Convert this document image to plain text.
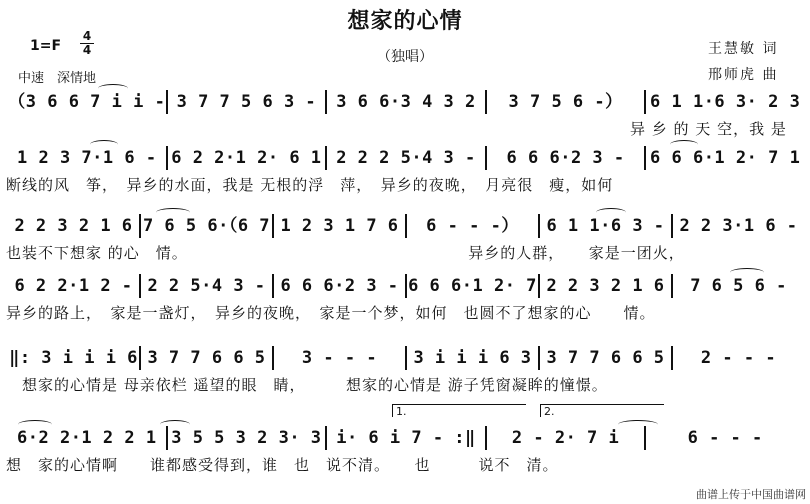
想家的心情
（独唱）
1=F
4
4
中速　深情地
王慧敏 词
邢师虎 曲
（3 6 6 7 i i - 3 7 7 5 6 3 -	3 6 6·3 4 3 2	3 7 5 6 -）	6 1 1·6 3· 2 3
　　　　　　　　　　　　　　　　　　　　　　　　　　　　　　　　　　　　　　　异 乡 的 天 空，我 是
1 2 3 7·1 6 - 6 2 2·1 2· 6 1 2 2 2 5·4 3 -	6 6 6·2 3 -	6 6 6·1 2· 7 1
断线的风　筝，　异乡的水面，我是 无根的浮　萍，　异乡的夜晚，　月亮很　瘦，如何
2 2 3 2 1 6 7 6 5 6·（6 7 1 2 3 1 7 6	6 - - -）	6 1 1·6 3 - 2 2 3·1 6 -
也装不下想家 的心　情。　　　　　　　　　　　　　　　　　　异乡的人群，　　家是一团火，
6 2 2·1 2 - 2 2 5·4 3 - 6 6 6·2 3 - 6 6 6·1 2· 7 2 2 3 2 1 6	7 6 5 6 -
异乡的路上，　家是一盏灯，　异乡的夜晚，　家是一个梦，如何　也圆不了想家的心　　情。
‖: 3 i i i 6 3 7 7 6 6 5	3 - - -	3 i i i 6 3 3 7 7 6 6 5	2 - - -
　想家的心情是 母亲依栏 遥望的眼　睛，　　　想家的心情是 游子凭窗凝眸的憧憬。
6·2 2·1 2 2 1 3 5 5 3 2 3· 3 i· 6 i 7 - :‖	2 - 2· 7 i	6 - - -
想　家的心情啊　　谁都感受得到，谁　也　说不清。　　也　　　说不　清。
1.	2.
曲谱上传于中国曲谱网
